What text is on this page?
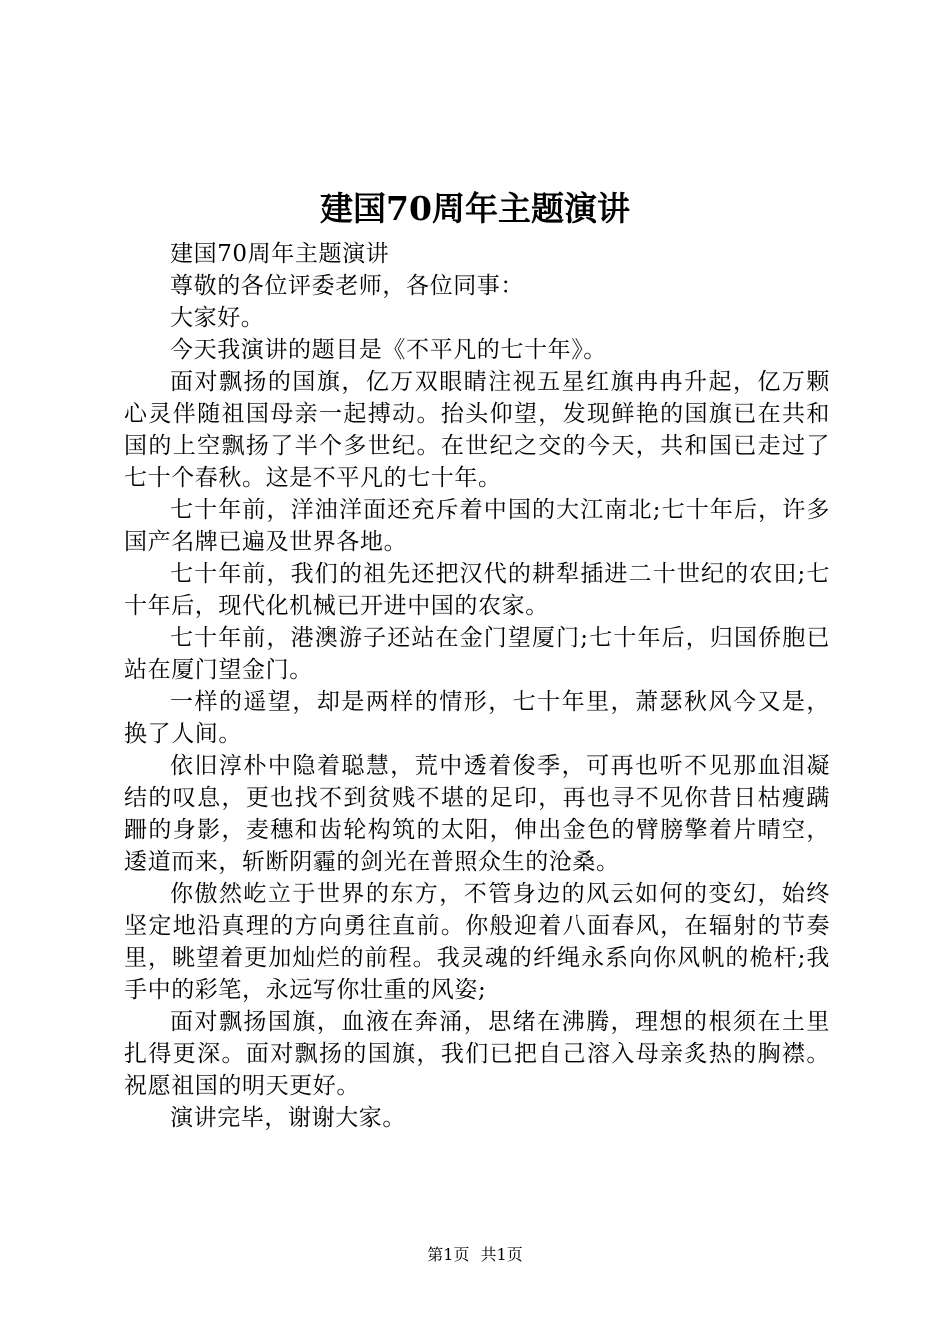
建国70周年主题演讲

建国70周年主题演讲

尊敬的各位评委老师，各位同事：

大家好。

今天我演讲的题目是《不平凡的七十年》。

面对飘扬的国旗，亿万双眼睛注视五星红旗冉冉升起，亿万颗心灵伴随祖国母亲一起搏动。抬头仰望，发现鲜艳的国旗已在共和国的上空飘扬了半个多世纪。在世纪之交的今天，共和国已走过了七十个春秋。这是不平凡的七十年。

七十年前，洋油洋面还充斥着中国的大江南北;七十年后，许多国产名牌已遍及世界各地。

七十年前，我们的祖先还把汉代的耕犁插进二十世纪的农田;七十年后，现代化机械已开进中国的农家。

七十年前，港澳游子还站在金门望厦门;七十年后，归国侨胞已站在厦门望金门。

一样的遥望，却是两样的情形，七十年里，萧瑟秋风今又是，换了人间。

依旧淳朴中隐着聪慧，荒中透着俊季，可再也听不见那血泪凝结的叹息，更也找不到贫贱不堪的足印，再也寻不见你昔日枯瘦蹒跚的身影，麦穗和齿轮构筑的太阳，伸出金色的臂膀擎着片晴空，逶道而来，斩断阴霾的剑光在普照众生的沧桑。

你傲然屹立于世界的东方，不管身边的风云如何的变幻，始终坚定地沿真理的方向勇往直前。你般迎着八面春风，在辐射的节奏里，眺望着更加灿烂的前程。我灵魂的纤绳永系向你风帆的桅杆;我手中的彩笔，永远写你壮重的风姿;

面对飘扬国旗，血液在奔涌，思绪在沸腾，理想的根须在土里扎得更深。面对飘扬的国旗，我们已把自己溶入母亲炙热的胸襟。祝愿祖国的明天更好。

演讲完毕，谢谢大家。

第1页 共1页
